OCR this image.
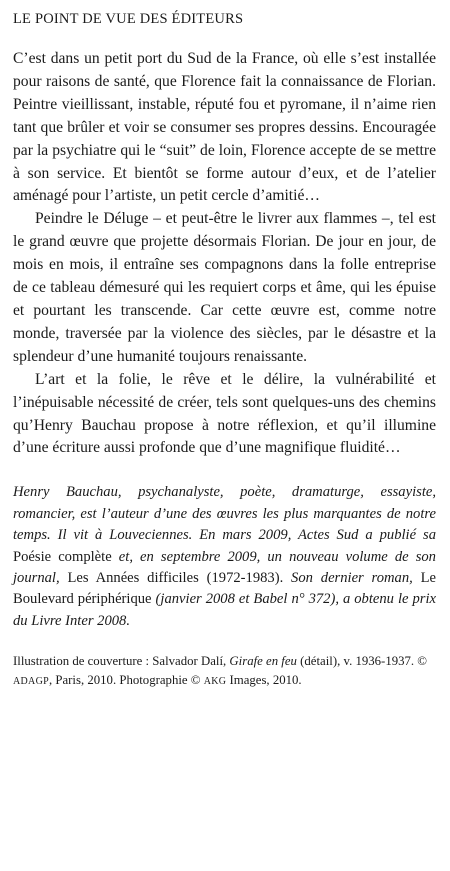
LE POINT DE VUE DES ÉDITEURS

C’est dans un petit port du Sud de la France, où elle s’est installée pour raisons de santé, que Florence fait la connaissance de Florian. Peintre vieillissant, instable, réputé fou et pyromane, il n’aime rien tant que brûler et voir se consumer ses propres dessins. Encouragée par la psychiatre qui le “suit” de loin, Florence accepte de se mettre à son service. Et bientôt se forme autour d’eux, et de l’atelier aménagé pour l’artiste, un petit cercle d’amitié…

Peindre le Déluge – et peut-être le livrer aux flammes –, tel est le grand œuvre que projette désormais Florian. De jour en jour, de mois en mois, il entraîne ses compagnons dans la folle entreprise de ce tableau démesuré qui les requiert corps et âme, qui les épuise et pourtant les transcende. Car cette œuvre est, comme notre monde, traversée par la violence des siècles, par le désastre et la splendeur d’une humanité toujours renaissante.

L’art et la folie, le rêve et le délire, la vulnérabilité et l’inépuisable nécessité de créer, tels sont quelques-uns des chemins qu’Henry Bauchau propose à notre réflexion, et qu’il illumine d’une écriture aussi profonde que d’une magnifique fluidité…

Henry Bauchau, psychanalyste, poète, dramaturge, essayiste, romancier, est l’auteur d’une des œuvres les plus marquantes de notre temps. Il vit à Louveciennes. En mars 2009, Actes Sud a publié sa Poésie complète et, en septembre 2009, un nouveau volume de son journal, Les Années difficiles (1972-1983). Son dernier roman, Le Boulevard périphérique (janvier 2008 et Babel n° 372), a obtenu le prix du Livre Inter 2008.
Illustration de couverture : Salvador Dalí, Girafe en feu (détail), v. 1936-1937. © ADAGP, Paris, 2010. Photographie © AKG Images, 2010.
